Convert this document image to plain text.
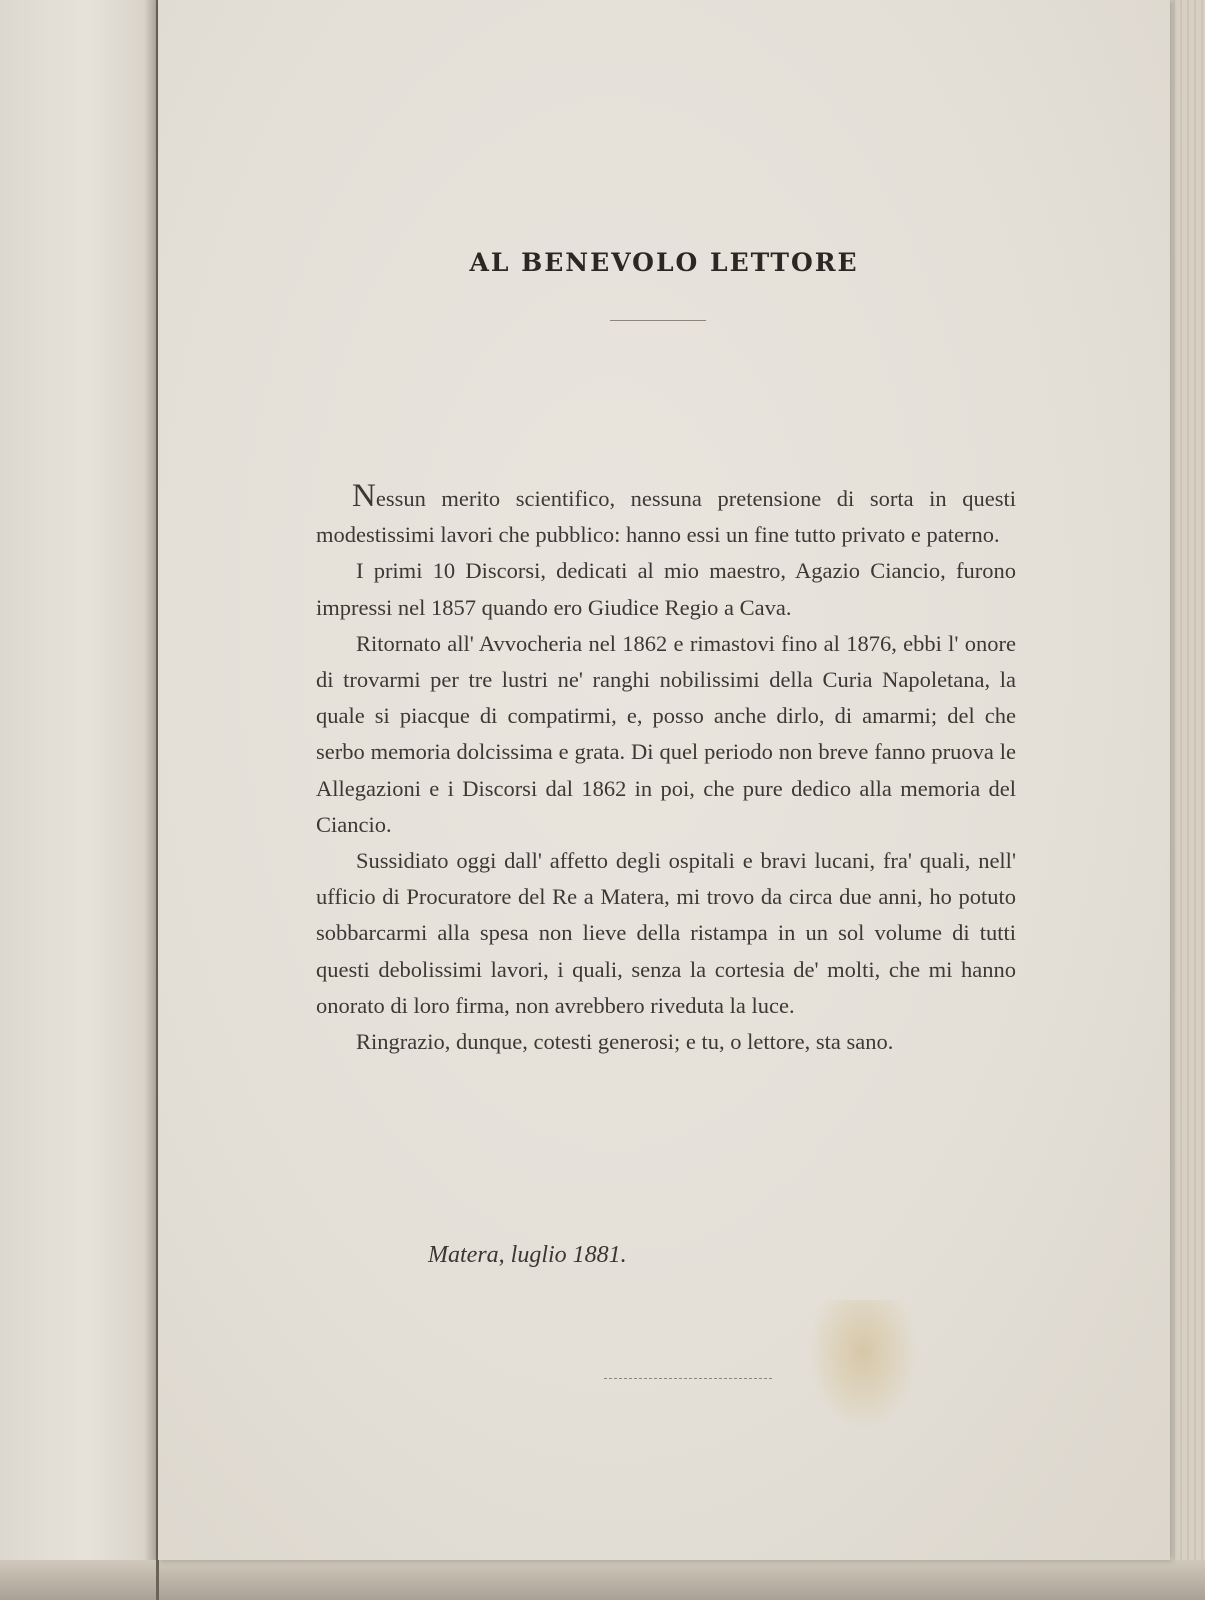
AL BENEVOLO LETTORE

Nessun merito scientifico, nessuna pretensione di sorta in questi modestissimi lavori che pubblico: hanno essi un fine tutto privato e paterno.

I primi 10 Discorsi, dedicati al mio maestro, Agazio Ciancio, furono impressi nel 1857 quando ero Giudice Regio a Cava.

Ritornato all' Avvocheria nel 1862 e rimastovi fino al 1876, ebbi l' onore di trovarmi per tre lustri ne' ranghi nobilissimi della Curia Napoletana, la quale si piacque di compatirmi, e, posso anche dirlo, di amarmi; del che serbo memoria dolcissima e grata. Di quel periodo non breve fanno pruova le Allegazioni e i Discorsi dal 1862 in poi, che pure dedico alla memoria del Ciancio.

Sussidiato oggi dall' affetto degli ospitali e bravi lucani, fra' quali, nell' ufficio di Procuratore del Re a Matera, mi trovo da circa due anni, ho potuto sobbarcarmi alla spesa non lieve della ristampa in un sol volume di tutti questi debolissimi lavori, i quali, senza la cortesia de' molti, che mi hanno onorato di loro firma, non avrebbero riveduta la luce.

Ringrazio, dunque, cotesti generosi; e tu, o lettore, sta sano.

Matera, luglio 1881.
